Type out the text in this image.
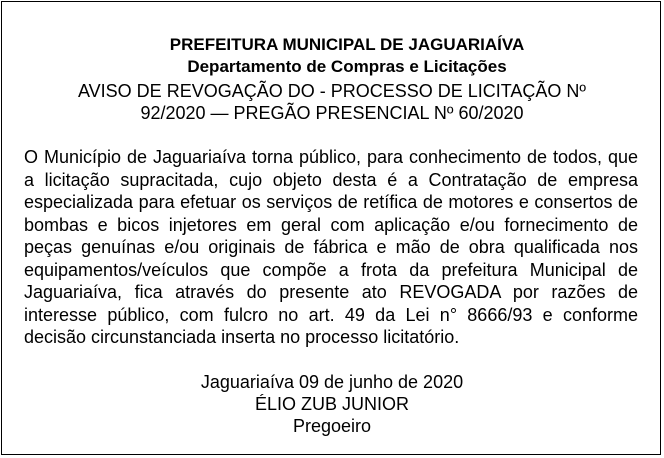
PREFEITURA MUNICIPAL DE JAGUARIAÍVA
Departamento de Compras e Licitações
AVISO DE REVOGAÇÃO DO - PROCESSO DE LICITAÇÃO Nº
92/2020 — PREGÃO PRESENCIAL Nº 60/2020
O Município de Jaguariaíva torna público, para conhecimento de todos, que a licitação supracitada, cujo objeto desta é a Contratação de empresa especializada para efetuar os serviços de retífica de motores e consertos de bombas e bicos injetores em geral com aplicação e/ou fornecimento de peças genuínas e/ou originais de fábrica e mão de obra qualificada nos equipamentos/veículos que compõe a frota da prefeitura Municipal de Jaguariaíva, fica através do presente ato REVOGADA por razões de interesse público, com fulcro no art. 49 da Lei n° 8666/93 e conforme decisão circunstanciada inserta no processo licitatório.
Jaguariaíva 09 de junho de 2020
ÉLIO ZUB JUNIOR
Pregoeiro
